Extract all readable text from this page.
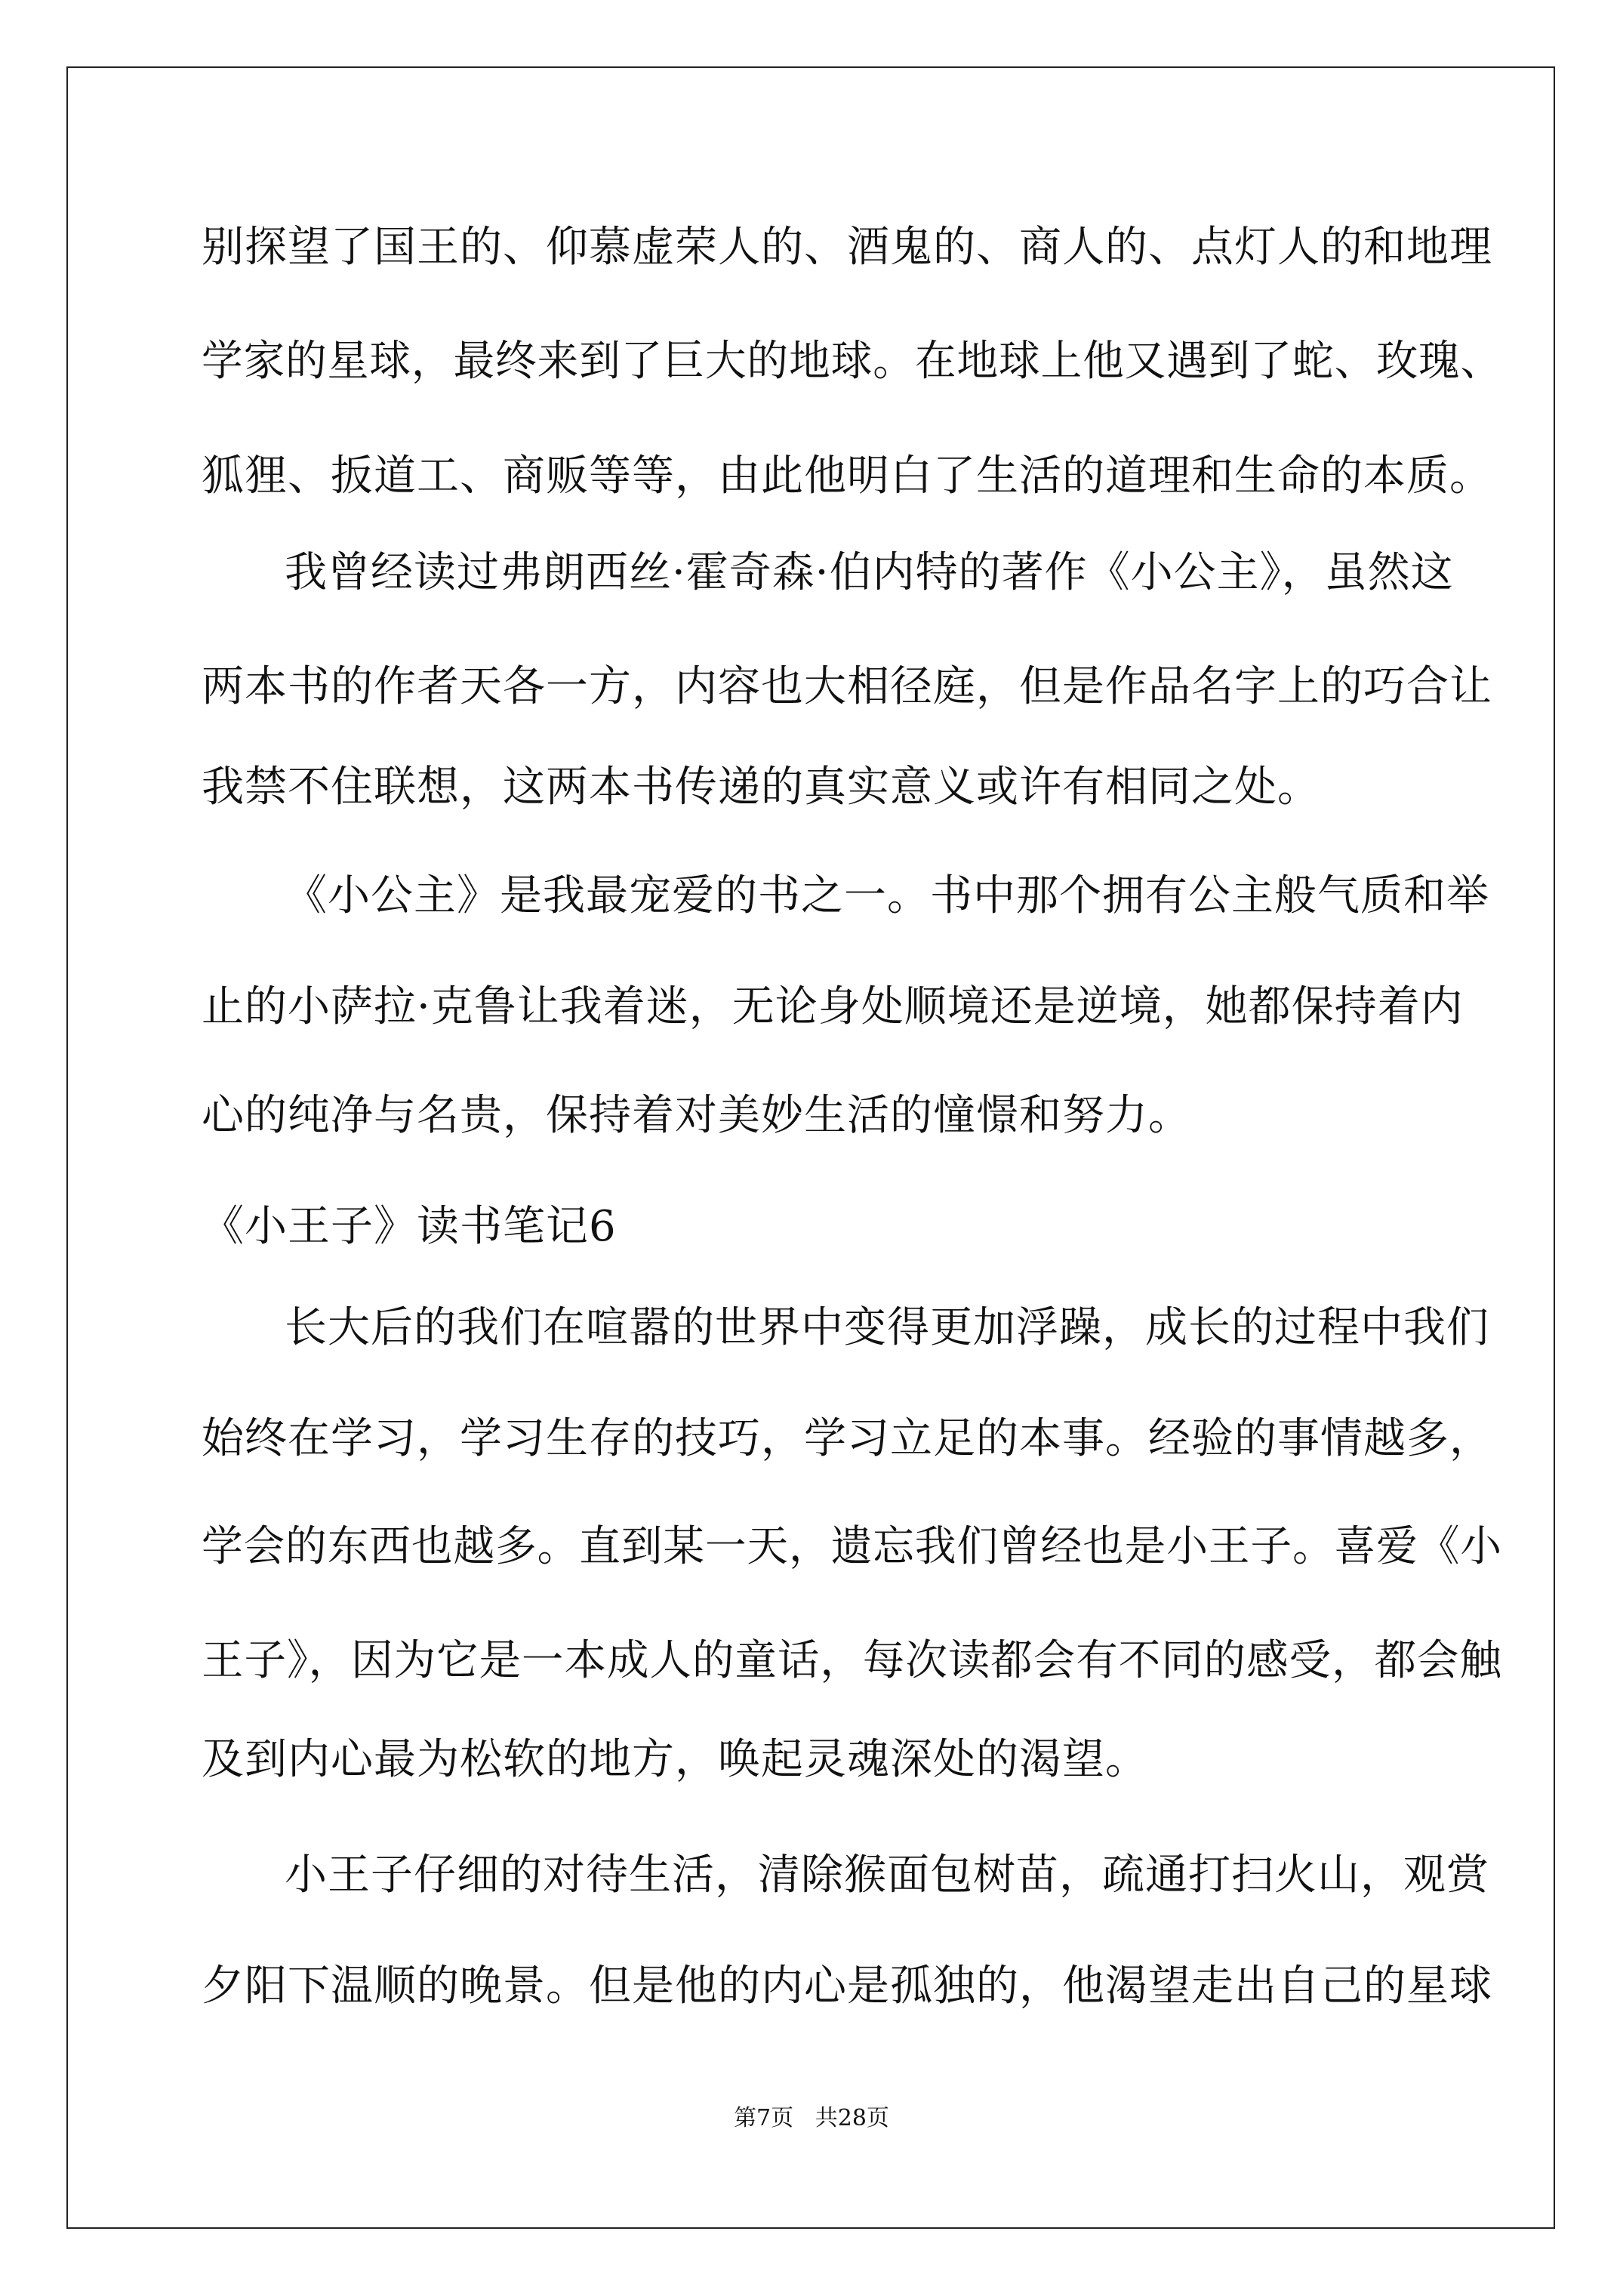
别探望了国王的、仰慕虚荣人的、酒鬼的、商人的、点灯人的和地理
学家的星球，最终来到了巨大的地球。在地球上他又遇到了蛇、玫瑰、
狐狸、扳道工、商贩等等，由此他明白了生活的道理和生命的本质。
我曾经读过弗朗西丝·霍奇森·伯内特的著作《小公主》，虽然这
两本书的作者天各一方，内容也大相径庭，但是作品名字上的巧合让
我禁不住联想，这两本书传递的真实意义或许有相同之处。
《小公主》是我最宠爱的书之一。书中那个拥有公主般气质和举
止的小萨拉·克鲁让我着迷，无论身处顺境还是逆境，她都保持着内
心的纯净与名贵，保持着对美妙生活的憧憬和努力。
《小王子》读书笔记6
长大后的我们在喧嚣的世界中变得更加浮躁，成长的过程中我们
始终在学习，学习生存的技巧，学习立足的本事。经验的事情越多，
学会的东西也越多。直到某一天，遗忘我们曾经也是小王子。喜爱《小
王子》，因为它是一本成人的童话，每次读都会有不同的感受，都会触
及到内心最为松软的地方，唤起灵魂深处的渴望。
小王子仔细的对待生活，清除猴面包树苗，疏通打扫火山，观赏
夕阳下温顺的晚景。但是他的内心是孤独的，他渴望走出自己的星球
第7页   共28页
